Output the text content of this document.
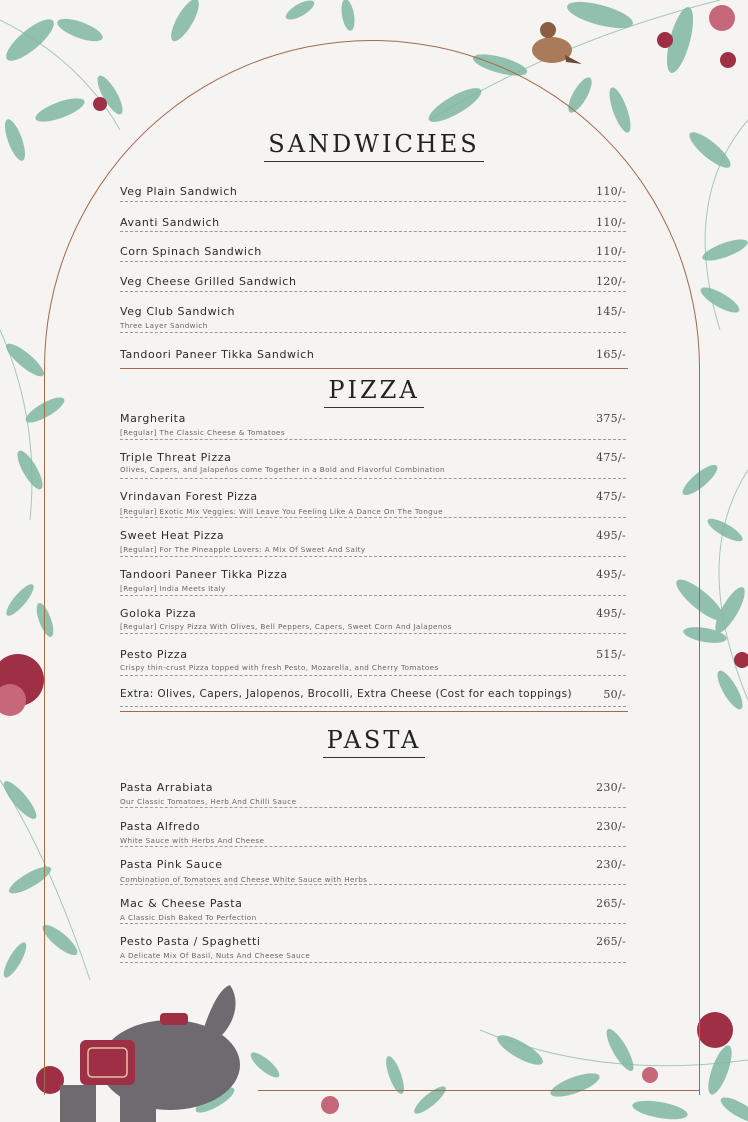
SANDWICHES
Veg Plain Sandwich	110/-
Avanti Sandwich	110/-
Corn Spinach Sandwich	110/-
Veg Cheese Grilled Sandwich	120/-
Veg Club Sandwich	145/-
Three Layer Sandwich
Tandoori Paneer Tikka Sandwich	165/-
PIZZA
Margherita	375/-
[Regular] The Classic Cheese & Tomatoes
Triple Threat Pizza	475/-
Olives, Capers, and Jalapeños come Together in a Bold and Flavorful Combination
Vrindavan Forest Pizza	475/-
[Regular] Exotic Mix Veggies: Will Leave You Feeling Like A Dance On The Tongue
Sweet Heat Pizza	495/-
[Regular] For The Pineapple Lovers: A Mix Of Sweet And Salty
Tandoori Paneer Tikka Pizza	495/-
[Regular] India Meets Italy
Goloka Pizza	495/-
[Regular] Crispy Pizza With Olives, Bell Peppers, Capers, Sweet Corn And Jalapenos
Pesto Pizza	515/-
Crispy thin-crust Pizza topped with fresh Pesto, Mozarella, and Cherry Tomatoes
Extra: Olives, Capers, Jalopenos, Brocolli, Extra Cheese (Cost for each toppings)	50/-
PASTA
Pasta Arrabiata	230/-
Our Classic Tomatoes, Herb And Chilli Sauce
Pasta Alfredo	230/-
White Sauce with Herbs And Cheese
Pasta Pink Sauce	230/-
Combination of Tomatoes and Cheese White Sauce with Herbs
Mac & Cheese Pasta	265/-
A Classic Dish Baked To Perfection
Pesto Pasta / Spaghetti	265/-
A Delicate Mix Of Basil, Nuts And Cheese Sauce
